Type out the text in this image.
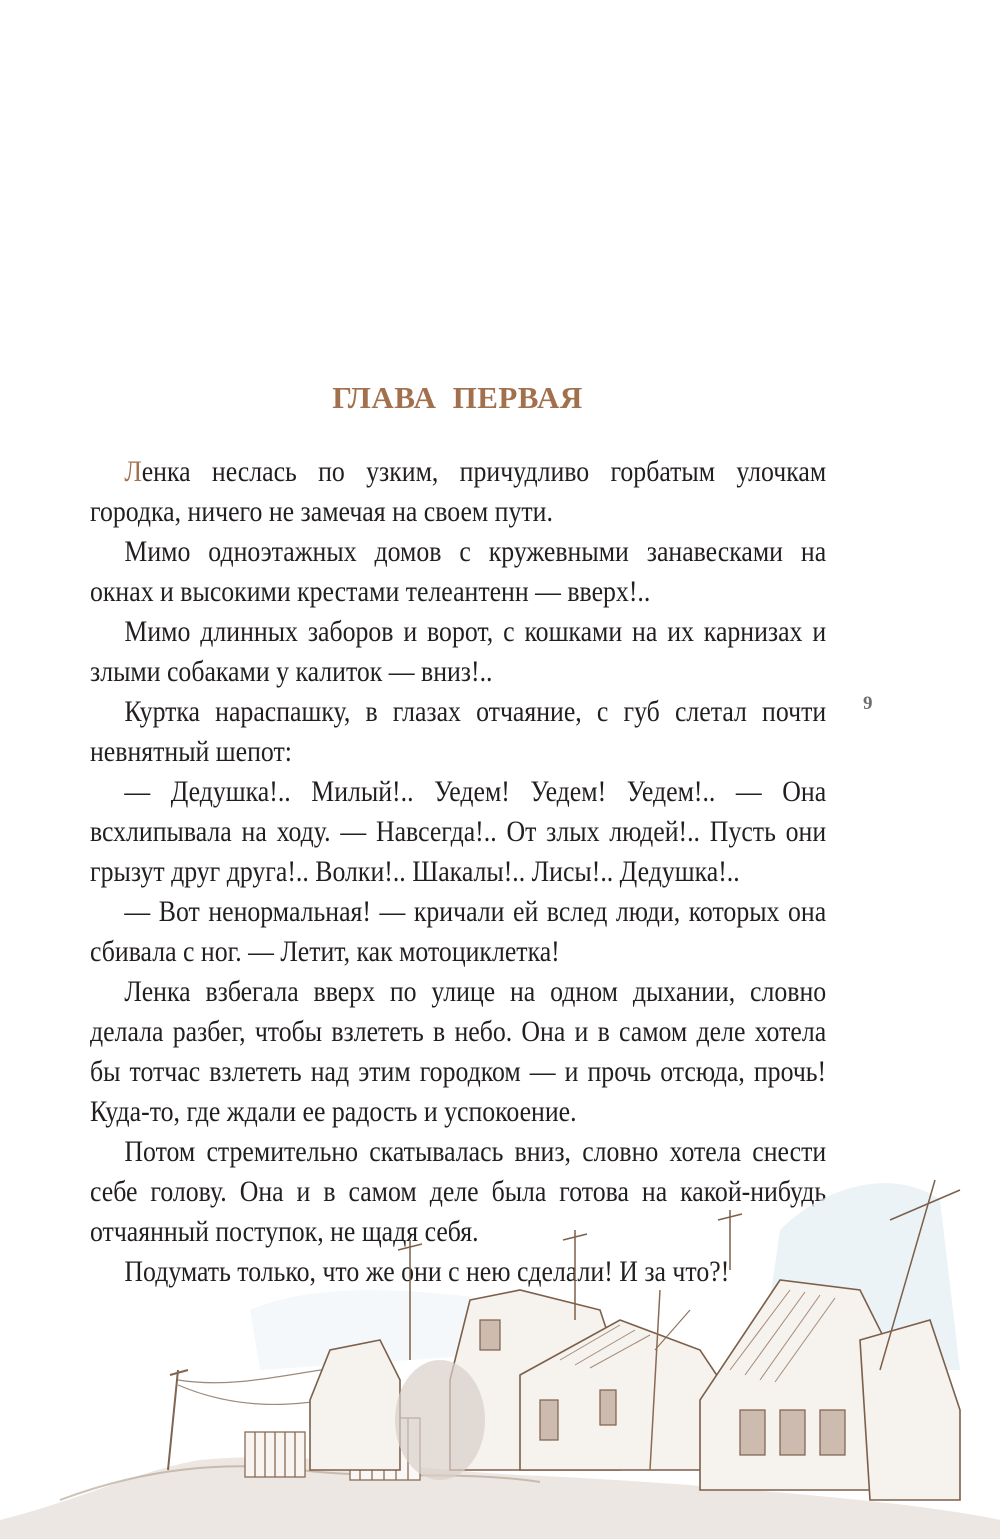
ГЛАВА ПЕРВАЯ

Ленка неслась по узким, причудливо горбатым улочкам городка, ничего не замечая на своем пути.

Мимо одноэтажных домов с кружевными занавесками на окнах и высокими крестами телеантенн — вверх!..

Мимо длинных заборов и ворот, с кошками на их карнизах и злыми собаками у калиток — вниз!..

Куртка нараспашку, в глазах отчаяние, с губ слетал почти невнятный шепот:

— Дедушка!.. Милый!.. Уедем! Уедем! Уедем!.. — Она всхлипывала на ходу. — Навсегда!.. От злых людей!.. Пусть они грызут друг друга!.. Волки!.. Шакалы!.. Лисы!.. Дедушка!..

— Вот ненормальная! — кричали ей вслед люди, которых она сбивала с ног. — Летит, как мотоциклетка!

Ленка взбегала вверх по улице на одном дыхании, словно делала разбег, чтобы взлететь в небо. Она и в самом деле хотела бы тотчас взлететь над этим городком — и прочь отсюда, прочь! Куда-то, где ждали ее радость и успокоение.

Потом стремительно скатывалась вниз, словно хотела снести себе голову. Она и в самом деле была готова на какой-нибудь отчаянный поступок, не щадя себя.

Подумать только, что же они с нею сделали! И за что?!

9
